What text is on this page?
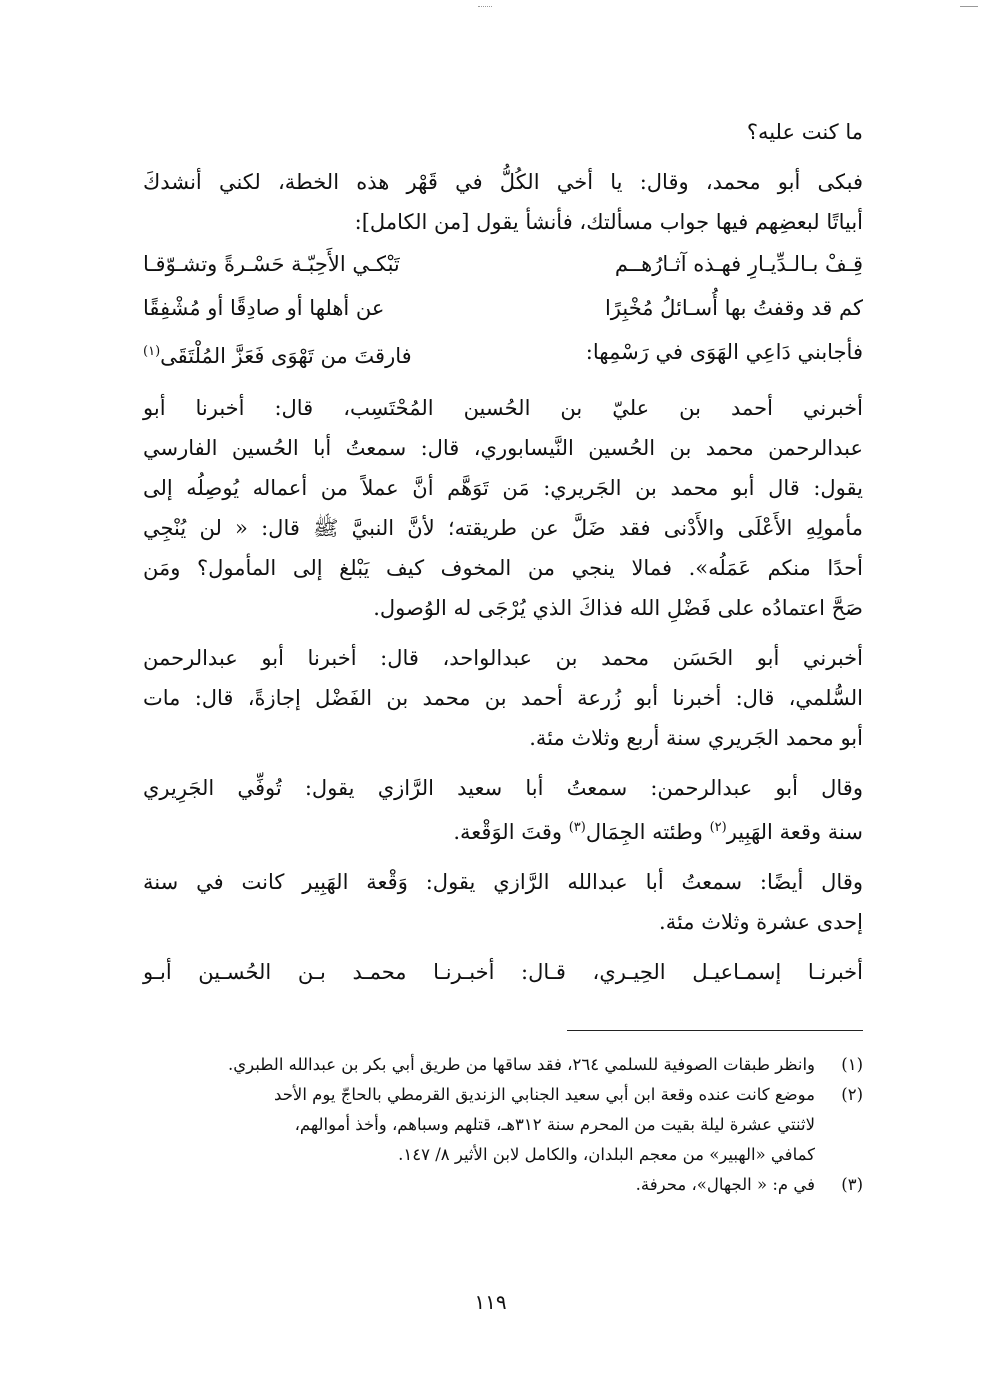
ما كنت عليه؟

فبكى أبو محمد، وقال: يا أخي الكُلُّ في قَهْر هذه الخطة، لكني أنشدكَ

أبياتًا لبعضِهم فيها جواب مسألتك، فأنشأ يقول [من الكامل]:

قِـفْ بـالـدِّيـارِ فهـذه آثـارُهــم
تَبْكـي الأَحِبّـة حَسْـرةً وتشـوّقـا
كم قد وقفتُ بها أُسـائلُ مُخْبِرًا
عن أهلها أو صادِقًا أو مُشْفِقًا
فأجابني دَاعِي الهَوَى في رَسْمِها:
فارقتَ من تَهْوَى فَعَزَّ المُلْتَقَى$^{(١)}$

أخبرني أحمد بن عليّ بن الحُسين المُحْتَسِب، قال: أخبرنا أبو

عبدالرحمن محمد بن الحُسين النَّيسابوري، قال: سمعتُ أبا الحُسين الفارسي

يقول: قال أبو محمد بن الجَريري: مَن تَوَهَّم أنَّ عملاً من أعماله يُوصِلُه إلى

مأمولِهِ الأَعْلَى والأَدْنى فقد ضَلَّ عن طريقته؛ لأنَّ النبيَّ ﷺ قال: « لن يُنْجِي

أحدًا منكم عَمَلُه». فمالا ينجي من المخوف كيف يَبْلغ إلى المأمول؟ ومَن

صَحَّ اعتمادُه على فَضْلِ الله فذاكَ الذي يُرْجَى له الوُصول.

أخبرني أبو الحَسَن محمد بن عبدالواحد، قال: أخبرنا أبو عبدالرحمن

السُّلمي، قال: أخبرنا أبو زُرعة أحمد بن محمد بن الفَضْل إجازةً، قال: مات

أبو محمد الجَريري سنة أربع وثلاث مئة.

وقال أبو عبدالرحمن: سمعتُ أبا سعيد الرَّازي يقول: تُوفِّي الجَرِيري

سنة وقعة الهَبِير$^{(٢)}$ وطئته الجِمَال$^{(٣)}$ وقتَ الوَقْعة.

وقال أيضًا: سمعتُ أبا عبدالله الرَّازي يقول: وَقْعة الهَبِير كانت في سنة

إحدى عشرة وثلاث مئة.

أخبرنـا إسمـاعيـل الحِيـري، قـال: أخبـرنـا محمـد بـن الحُسـين أبـو

(١)
وانظر طبقات الصوفية للسلمي ٢٦٤، فقد ساقها من طريق أبي بكر بن عبدالله الطبري.
(٢)
موضع كانت عنده وقعة ابن أبي سعيد الجنابي الزنديق القرمطي بالحاجّ يوم الأحد
لاثنتي عشرة ليلة بقيت من المحرم سنة ٣١٢هـ، قتلهم وسباهم، وأخذ أموالهم،
كمافي «الهبير» من معجم البلدان، والكامل لابن الأثير ٨/ ١٤٧.
(٣)
في م: « الجهال»، محرفة.
١١٩
